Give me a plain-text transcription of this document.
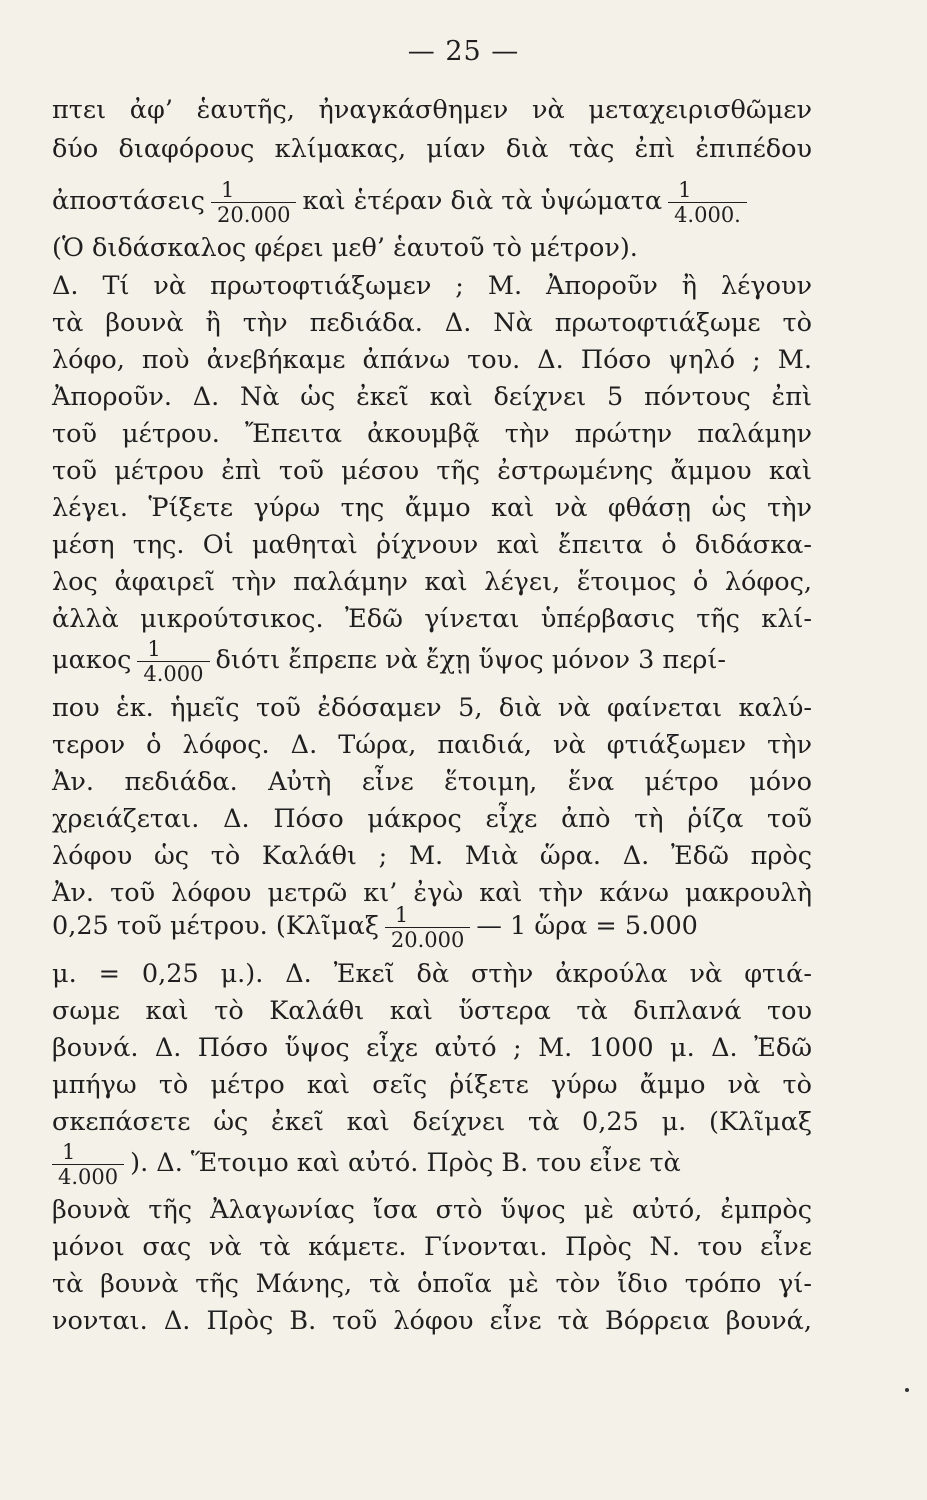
— 25 —
πτει ἀφ’ ἑαυτῆς, ἠναγκάσθημεν νὰ μεταχειρισθῶμεν
δύο διαφόρους κλίμακας, μίαν διὰ τὰς ἐπὶ ἐπιπέδου
ἀποστάσεις $\frac{1}{20.000}$ καὶ ἑτέραν διὰ τὰ ὑψώματα $\frac{1}{4.000.}$
(Ὁ διδάσκαλος φέρει μεθ’ ἑαυτοῦ τὸ μέτρον).
Δ. Τί νὰ πρωτοφτιάξωμεν ; Μ. Ἀποροῦν ἢ λέγουν
τὰ βουνὰ ἢ τὴν πεδιάδα. Δ. Νὰ πρωτοφτιάξωμε τὸ
λόφο, ποὺ ἀνεβήκαμε ἀπάνω του. Δ. Πόσο ψηλό ; Μ.
Ἀποροῦν. Δ. Νὰ ὡς ἐκεῖ καὶ δείχνει 5 πόντους ἐπὶ
τοῦ μέτρου. Ἔπειτα ἀκουμβᾷ τὴν πρώτην παλάμην
τοῦ μέτρου ἐπὶ τοῦ μέσου τῆς ἐστρωμένης ἄμμου καὶ
λέγει. Ῥίξετε γύρω της ἄμμο καὶ νὰ φθάσῃ ὡς τὴν
μέση της. Οἱ μαθηταὶ ῥίχνουν καὶ ἔπειτα ὁ διδάσκα-
λος ἀφαιρεῖ τὴν παλάμην καὶ λέγει, ἕτοιμος ὁ λόφος,
ἀλλὰ μικρούτσικος. Ἐδῶ γίνεται ὑπέρβασις τῆς κλί-
μακος $\frac{1}{4.000}$ διότι ἔπρεπε νὰ ἔχῃ ὕψος μόνον 3 περί-
που ἑκ. ἡμεῖς τοῦ ἐδόσαμεν 5, διὰ νὰ φαίνεται καλύ-
τερον ὁ λόφος. Δ. Τώρα, παιδιά, νὰ φτιάξωμεν τὴν
Ἀν. πεδιάδα. Αὐτὴ εἶνε ἕτοιμη, ἕνα μέτρο μόνο
χρειάζεται. Δ. Πόσο μάκρος εἶχε ἀπὸ τὴ ῥίζα τοῦ
λόφου ὡς τὸ Καλάθι ; Μ. Μιὰ ὥρα. Δ. Ἐδῶ πρὸς
Ἀν. τοῦ λόφου μετρῶ κι’ ἐγὼ καὶ τὴν κάνω μακρουλὴ
0,25 τοῦ μέτρου. (Κλῖμαξ $\frac{1}{20.000}$ — 1 ὥρα = 5.000
μ. = 0,25 μ.). Δ. Ἐκεῖ δὰ στὴν ἀκρούλα νὰ φτιά-
σωμε καὶ τὸ Καλάθι καὶ ὕστερα τὰ διπλανά του
βουνά. Δ. Πόσο ὕψος εἶχε αὐτό ; Μ. 1000 μ. Δ. Ἐδῶ
μπήγω τὸ μέτρο καὶ σεῖς ῥίξετε γύρω ἄμμο νὰ τὸ
σκεπάσετε ὡς ἐκεῖ καὶ δείχνει τὰ 0,25 μ. (Κλῖμαξ
$\frac{1}{4.000}$ ). Δ. Ἕτοιμο καὶ αὐτό. Πρὸς Β. του εἶνε τὰ
βουνὰ τῆς Ἀλαγωνίας ἴσα στὸ ὕψος μὲ αὐτό, ἐμπρὸς
μόνοι σας νὰ τὰ κάμετε. Γίνονται. Πρὸς Ν. του εἶνε
τὰ βουνὰ τῆς Μάνης, τὰ ὁποῖα μὲ τὸν ἴδιο τρόπο γί-
νονται. Δ. Πρὸς Β. τοῦ λόφου εἶνε τὰ Βόρρεια βουνά,
